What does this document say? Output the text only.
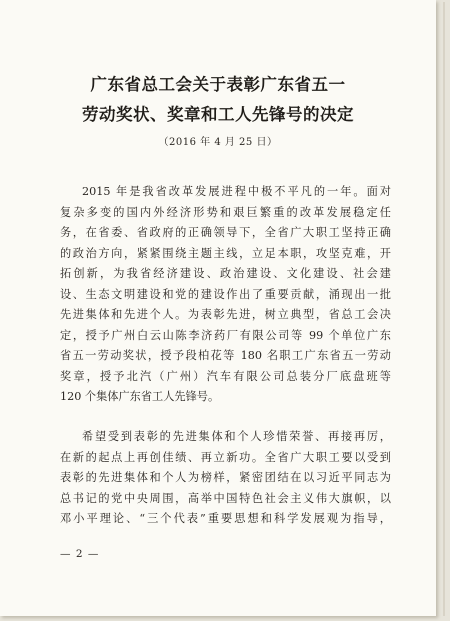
广东省总工会关于表彰广东省五一
劳动奖状、奖章和工人先锋号的决定
（2016 年 4 月 25 日）
2015 年是我省改革发展进程中极不平凡的一年。面对
复杂多变的国内外经济形势和艰巨繁重的改革发展稳定任
务，在省委、省政府的正确领导下，全省广大职工坚持正确
的政治方向，紧紧围绕主题主线，立足本职，攻坚克难，开
拓创新，为我省经济建设、政治建设、文化建设、社会建
设、生态文明建设和党的建设作出了重要贡献，涌现出一批
先进集体和先进个人。为表彰先进，树立典型，省总工会决
定，授予广州白云山陈李济药厂有限公司等 99 个单位广东
省五一劳动奖状，授予段柏花等 180 名职工广东省五一劳动
奖章，授予北汽（广州）汽车有限公司总装分厂底盘班等
120 个集体广东省工人先锋号。
希望受到表彰的先进集体和个人珍惜荣誉、再接再厉，
在新的起点上再创佳绩、再立新功。全省广大职工要以受到
表彰的先进集体和个人为榜样，紧密团结在以习近平同志为
总书记的党中央周围，高举中国特色社会主义伟大旗帜，以
邓小平理论、“三个代表”重要思想和科学发展观为指导，
— 2 —
